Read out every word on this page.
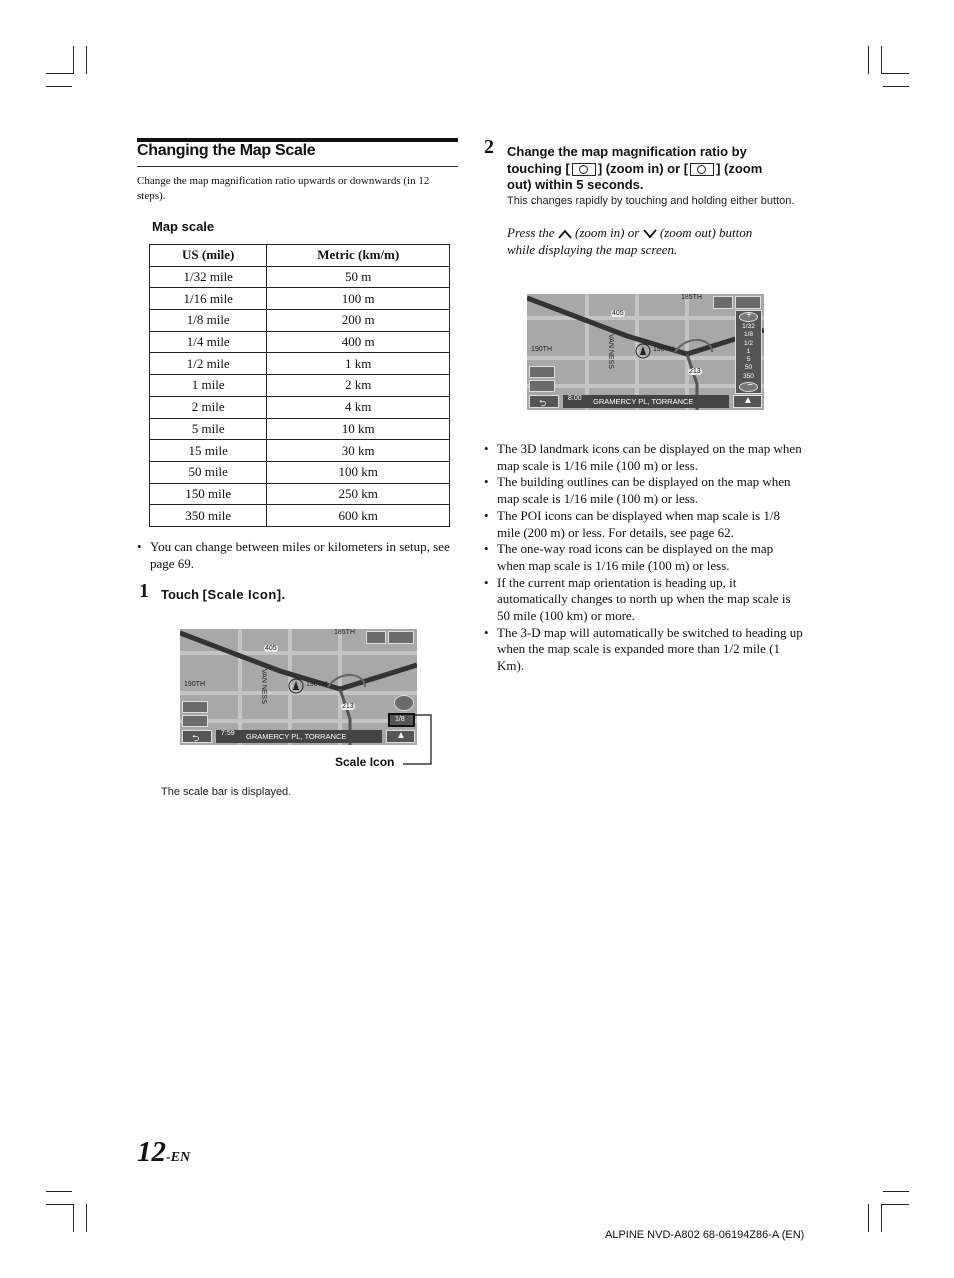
Changing the Map Scale
Change the map magnification ratio upwards or downwards (in 12 steps).
Map scale
US (mile)	Metric (km/m)
1/32 mile	50 m
1/16 mile	100 m
1/8 mile	200 m
1/4 mile	400 m
1/2 mile	1 km
1 mile	2 km
2 mile	4 km
5 mile	10 km
15 mile	30 km
50 mile	100 km
150 mile	250 km
350 mile	600 km
• You can change between miles or kilometers in setup, see page 69.
1 Touch [Scale Icon].
185TH
190TH	190TH
VAN NESS
405
213
1/8
⮌	7:59 GRAMERCY PL, TORRANCE	▲
Scale Icon
The scale bar is displayed.
2 Change the map magnification ratio by
touching [ ] (zoom in) or [ ] (zoom
out) within 5 seconds.
This changes rapidly by touching and holding either button.
Press the (zoom in) or (zoom out) button
while displaying the map screen.
185TH
190TH	190TH
VAN NESS
405
213
+
1/32
1/8
1/2
1
5
50
350
−
⮌	8:00 GRAMERCY PL, TORRANCE	▲
• The 3D landmark icons can be displayed on the map when map scale is 1/16 mile (100 m) or less.
• The building outlines can be displayed on the map when map scale is 1/16 mile (100 m) or less.
• The POI icons can be displayed when map scale is 1/8 mile (200 m) or less. For details, see page 62.
• The one-way road icons can be displayed on the map when map scale is 1/16 mile (100 m) or less.
• If the current map orientation is heading up, it automatically changes to north up when the map scale is 50 mile (100 km) or more.
• The 3-D map will automatically be switched to heading up when the map scale is expanded more than 1/2 mile (1 Km).
12-EN
ALPINE NVD-A802 68-06194Z86-A (EN)
